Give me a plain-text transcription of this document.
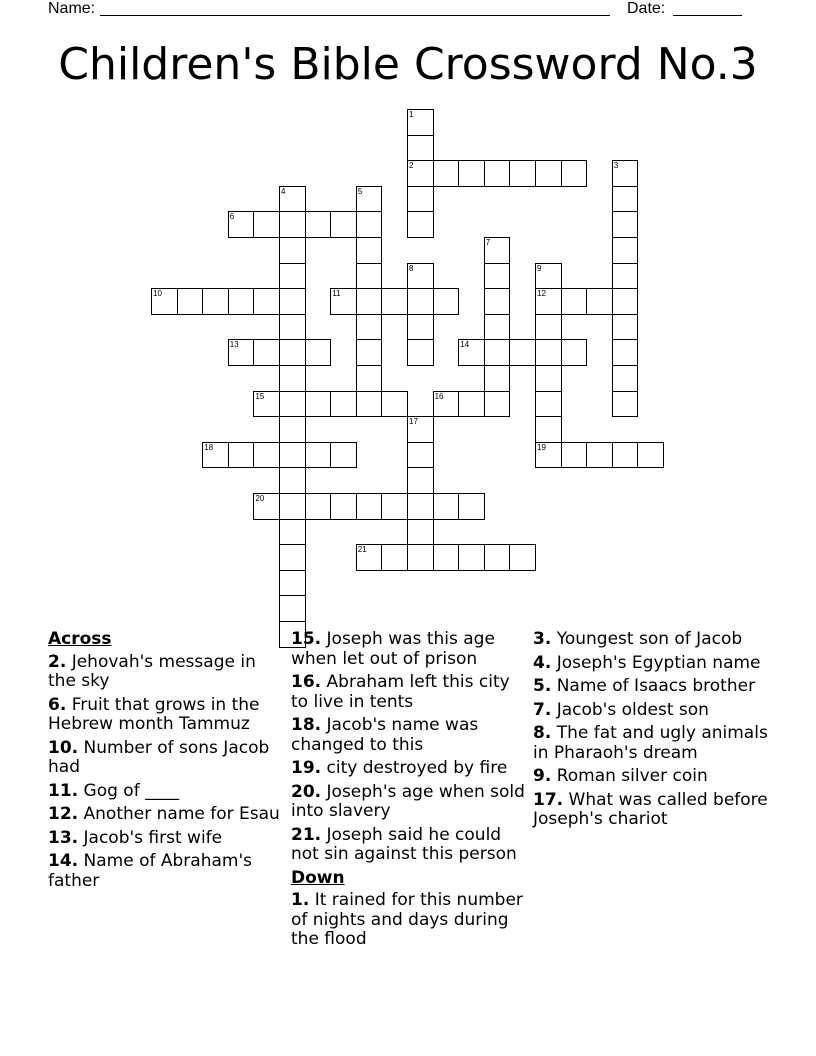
Name:	Date:
Children's Bible Crossword No.3
1
2	3
4	5
6
7
8	9
10	11	12
13	14
15	16
17
18	19
20
21
Across
2. Jehovah's message in the sky
6. Fruit that grows in the Hebrew month Tammuz
10. Number of sons Jacob had
11. Gog of ____
12. Another name for Esau
13. Jacob's first wife
14. Name of Abraham's father
15. Joseph was this age when let out of prison
16. Abraham left this city to live in tents
18. Jacob's name was changed to this
19. city destroyed by fire
20. Joseph's age when sold into slavery
21. Joseph said he could not sin against this person
Down
1. It rained for this number of nights and days during the flood
3. Youngest son of Jacob
4. Joseph's Egyptian name
5. Name of Isaacs brother
7. Jacob's oldest son
8. The fat and ugly animals in Pharaoh's dream
9. Roman silver coin
17. What was called before Joseph's chariot
